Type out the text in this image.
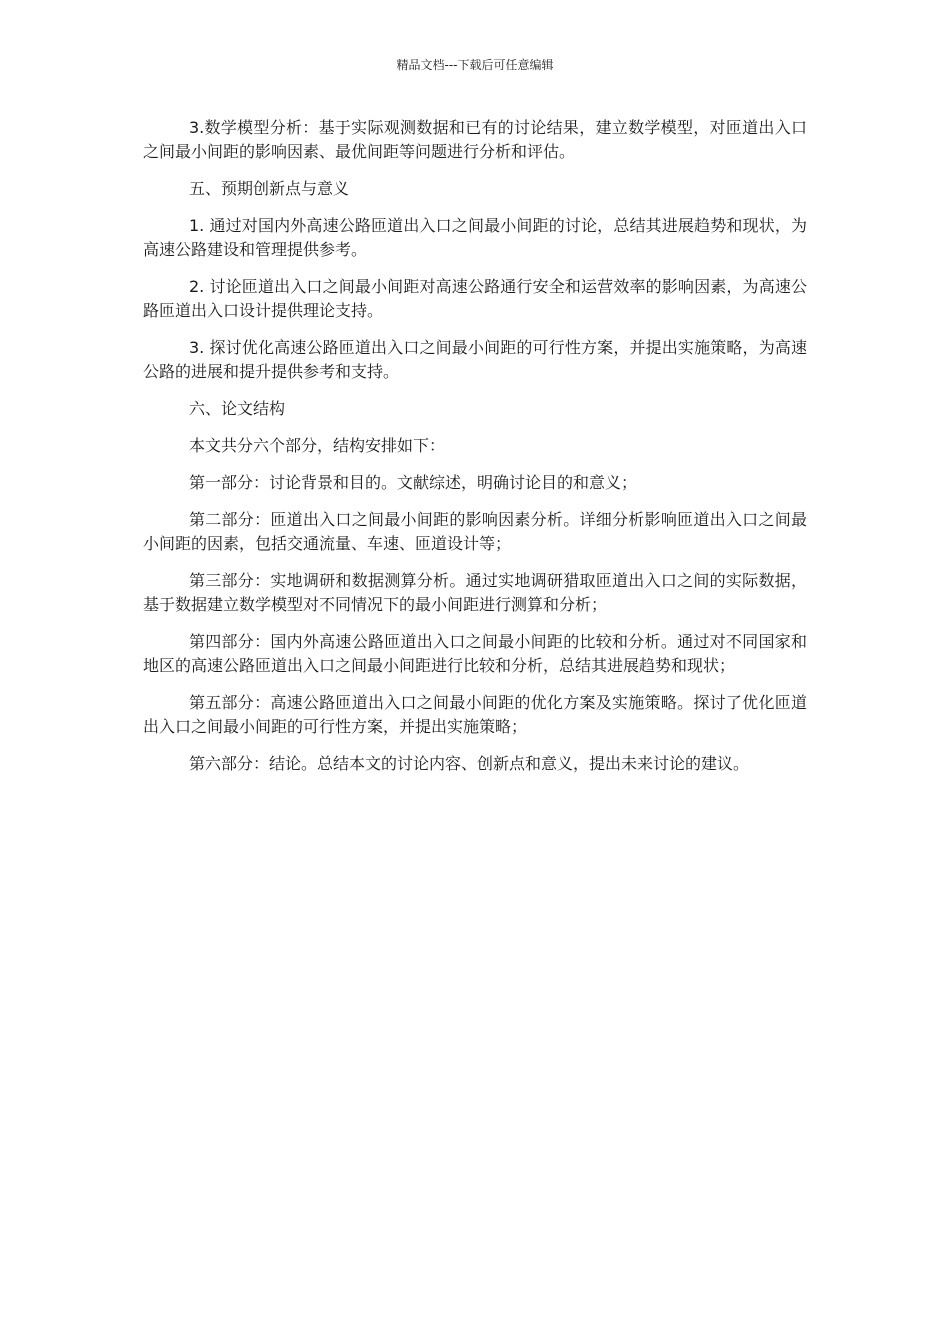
精品文档---下载后可任意编辑

3.数学模型分析：基于实际观测数据和已有的讨论结果，建立数学模型，对匝道出入口之间最小间距的影响因素、最优间距等问题进行分析和评估。

五、预期创新点与意义

1. 通过对国内外高速公路匝道出入口之间最小间距的讨论，总结其进展趋势和现状，为高速公路建设和管理提供参考。

2. 讨论匝道出入口之间最小间距对高速公路通行安全和运营效率的影响因素，为高速公路匝道出入口设计提供理论支持。

3. 探讨优化高速公路匝道出入口之间最小间距的可行性方案，并提出实施策略，为高速公路的进展和提升提供参考和支持。

六、论文结构

本文共分六个部分，结构安排如下：

第一部分：讨论背景和目的。文献综述，明确讨论目的和意义；

第二部分：匝道出入口之间最小间距的影响因素分析。详细分析影响匝道出入口之间最小间距的因素，包括交通流量、车速、匝道设计等；

第三部分：实地调研和数据测算分析。通过实地调研猎取匝道出入口之间的实际数据，基于数据建立数学模型对不同情况下的最小间距进行测算和分析；

第四部分：国内外高速公路匝道出入口之间最小间距的比较和分析。通过对不同国家和地区的高速公路匝道出入口之间最小间距进行比较和分析，总结其进展趋势和现状；

第五部分：高速公路匝道出入口之间最小间距的优化方案及实施策略。探讨了优化匝道出入口之间最小间距的可行性方案，并提出实施策略；

第六部分：结论。总结本文的讨论内容、创新点和意义，提出未来讨论的建议。
